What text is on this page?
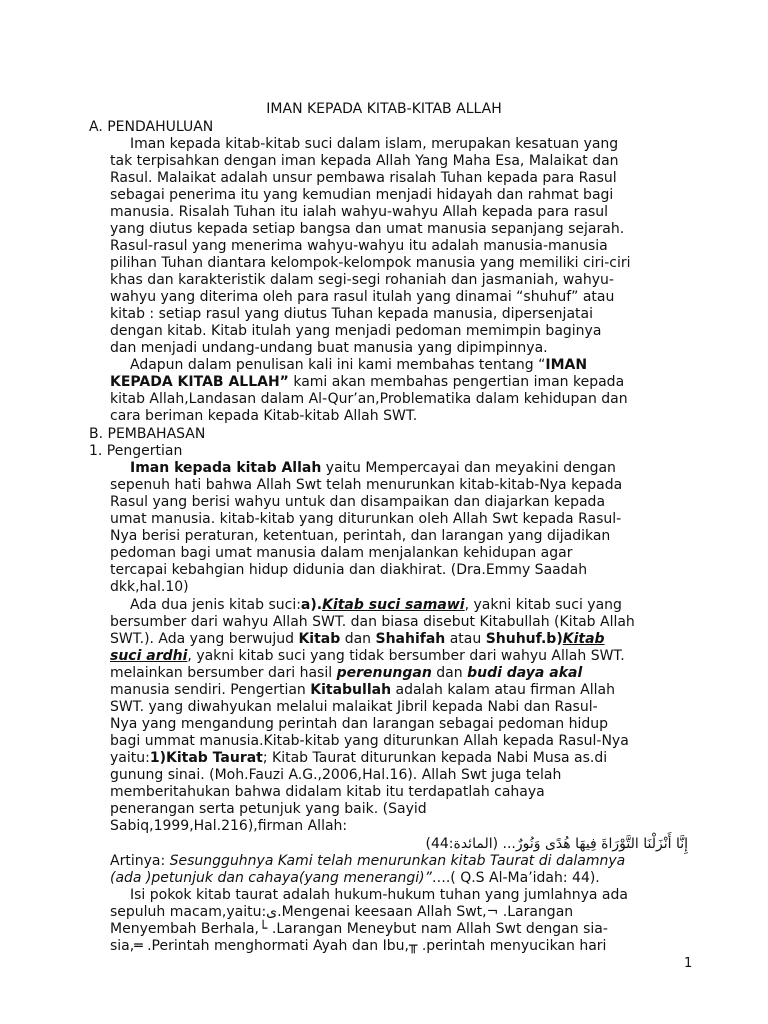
IMAN KEPADA KITAB-KITAB ALLAH
A. PENDAHULUAN
Iman kepada kitab-kitab suci dalam islam, merupakan kesatuan yang
tak terpisahkan dengan iman kepada Allah Yang Maha Esa, Malaikat dan
Rasul. Malaikat adalah unsur pembawa risalah Tuhan kepada para Rasul
sebagai penerima itu yang kemudian menjadi hidayah dan rahmat bagi
manusia. Risalah Tuhan itu ialah wahyu-wahyu Allah kepada para rasul
yang diutus kepada setiap bangsa dan umat manusia sepanjang sejarah.
Rasul-rasul yang menerima wahyu-wahyu itu adalah manusia-manusia
pilihan Tuhan diantara kelompok-kelompok manusia yang memiliki ciri-ciri
khas dan karakteristik dalam segi-segi rohaniah dan jasmaniah, wahyu-
wahyu yang diterima oleh para rasul itulah yang dinamai “shuhuf” atau
kitab : setiap rasul yang diutus Tuhan kepada manusia, dipersenjatai
dengan kitab. Kitab itulah yang menjadi pedoman memimpin baginya
dan menjadi undang-undang buat manusia yang dipimpinnya.
Adapun dalam penulisan kali ini kami membahas tentang “IMAN
KEPADA KITAB ALLAH” kami akan membahas pengertian iman kepada
kitab Allah,Landasan dalam Al-Qur’an,Problematika dalam kehidupan dan
cara beriman kepada Kitab-kitab Allah SWT.
B. PEMBAHASAN
1. Pengertian
Iman kepada kitab Allah yaitu Mempercayai dan meyakini dengan
sepenuh hati bahwa Allah Swt telah menurunkan kitab-kitab-Nya kepada
Rasul yang berisi wahyu untuk dan disampaikan dan diajarkan kepada
umat manusia. kitab-kitab yang diturunkan oleh Allah Swt kepada Rasul-
Nya berisi peraturan, ketentuan, perintah, dan larangan yang dijadikan
pedoman bagi umat manusia dalam menjalankan kehidupan agar
tercapai kebahgian hidup didunia dan diakhirat. (Dra.Emmy Saadah
dkk,hal.10)
Ada dua jenis kitab suci:a).Kitab suci samawi, yakni kitab suci yang
bersumber dari wahyu Allah SWT. dan biasa disebut Kitabullah (Kitab Allah
SWT.). Ada yang berwujud Kitab dan Shahifah atau Shuhuf.b)Kitab
suci ardhi, yakni kitab suci yang tidak bersumber dari wahyu Allah SWT.
melainkan bersumber dari hasil perenungan dan budi daya akal
manusia sendiri. Pengertian Kitabullah adalah kalam atau firman Allah
SWT. yang diwahyukan melalui malaikat Jibril kepada Nabi dan Rasul-
Nya yang mengandung perintah dan larangan sebagai pedoman hidup
bagi ummat manusia.Kitab-kitab yang diturunkan Allah kepada Rasul-Nya
yaitu:1)Kitab Taurat; Kitab Taurat diturunkan kepada Nabi Musa as.di
gunung sinai. (Moh.Fauzi A.G.,2006,Hal.16). Allah Swt juga telah
memberitahukan bahwa didalam kitab itu terdapatlah cahaya
penerangan serta petunjuk yang baik. (Sayid
Sabiq,1999,Hal.216),firman Allah:
إِنَّا أَنْزَلْنَا التَّوْرَاةَ فِيهَا هُدًى وَنُورٌ... (المائدة:44)
Artinya: Sesungguhnya Kami telah menurunkan kitab Taurat di dalamnya
(ada )petunjuk dan cahaya(yang menerangi)”….( Q.S Al-Ma’idah: 44).
Isi pokok kitab taurat adalah hukum-hukum tuhan yang jumlahnya ada
sepuluh macam,yaitu:ی.Mengenai keesaan Allah Swt,¬ .Larangan
Menyembah Berhala,└ .Larangan Meneybut nam Allah Swt dengan sia-
sia,═ .Perintah menghormati Ayah dan Ibu,╥ .perintah menyucikan hari
1
